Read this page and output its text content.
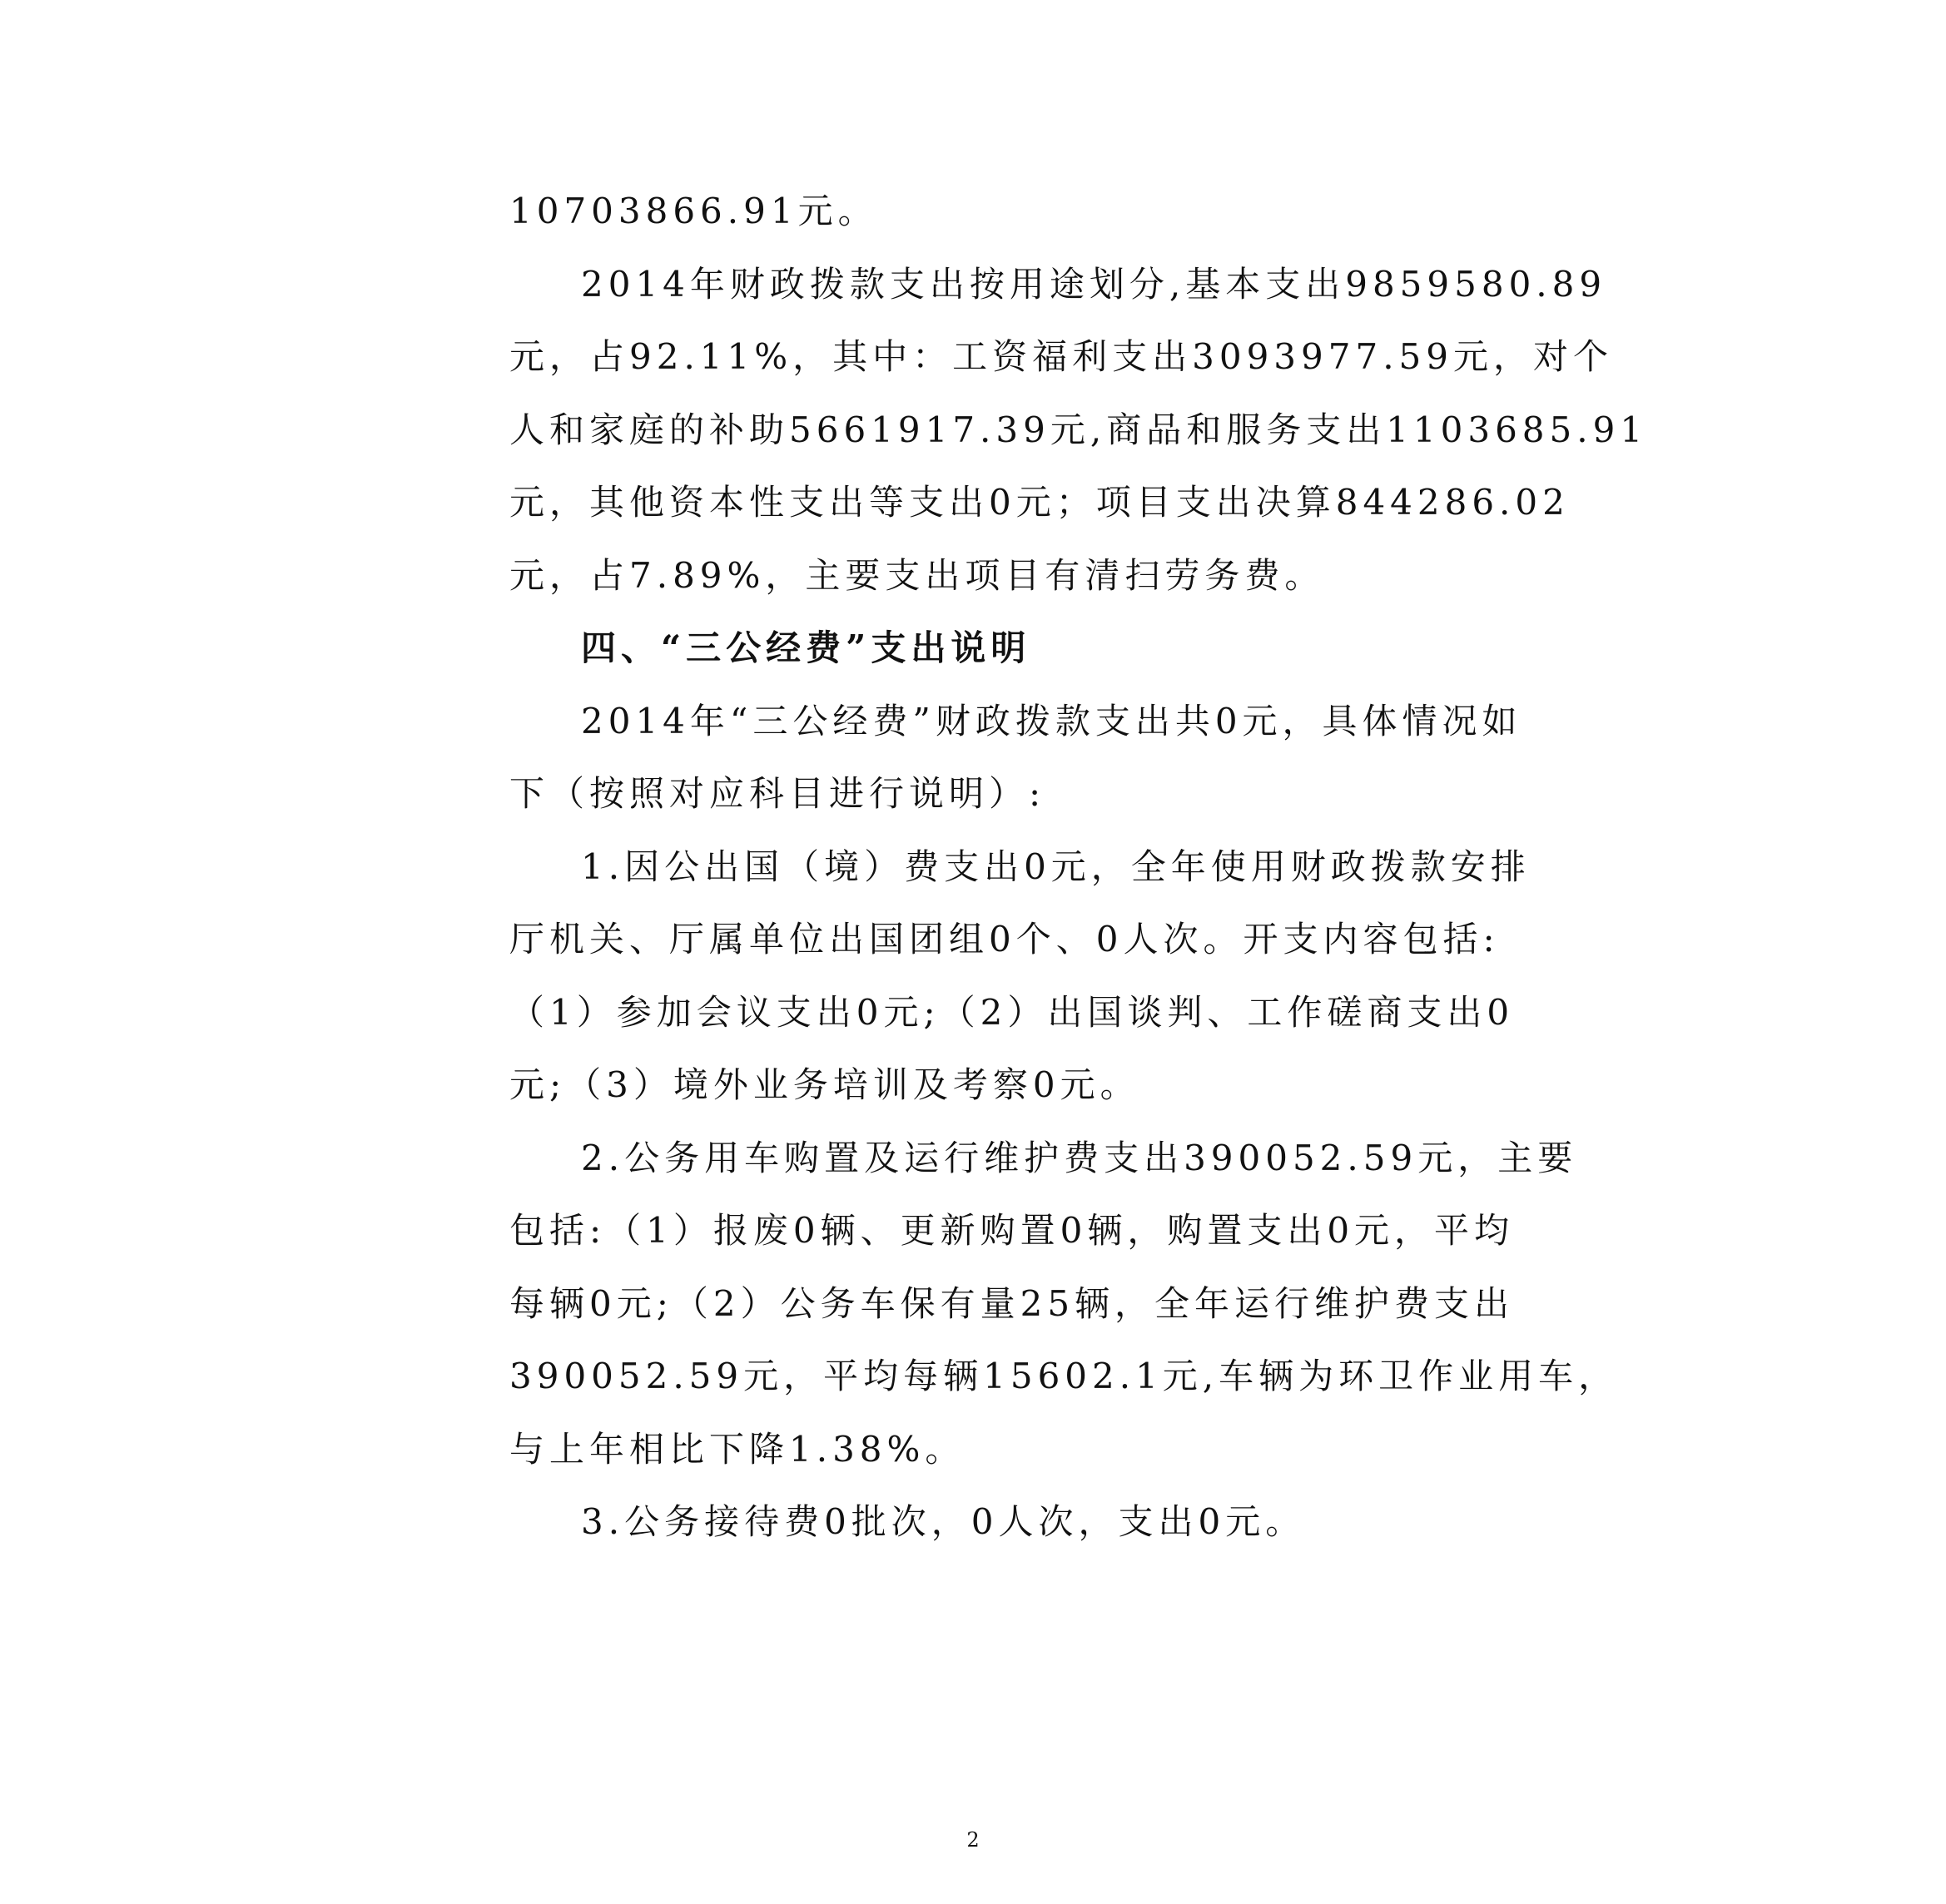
10703866.91元。
2014年财政拨款支出按用途划分,基本支出9859580.89
元，占92.11%，其中：工资福利支出3093977.59元，对个
人和家庭的补助5661917.39元,商品和服务支出1103685.91
元，其他资本性支出等支出0元；项目支出决算844286.02
元，占7.89%，主要支出项目有清扫劳务费。
四、“三公经费”支出说明
2014年“三公经费”财政拨款支出共0元，具体情况如
下（按照对应科目进行说明）:
1.因公出国（境）费支出0元，全年使用财政拨款安排
厅机关、厅属单位出国团组0个、0人次。开支内容包括:
（1）参加会议支出0元;（2）出国谈判、工作磋商支出0
元;（3）境外业务培训及考察0元。
2.公务用车购置及运行维护费支出390052.59元，主要
包括:（1）报废0辆、更新购置0辆，购置支出0元，平均
每辆0元;（2）公务车保有量25辆，全年运行维护费支出
390052.59元，平均每辆15602.1元,车辆为环卫作业用车，
与上年相比下降1.38%。
3.公务接待费0批次，0人次，支出0元。
2
